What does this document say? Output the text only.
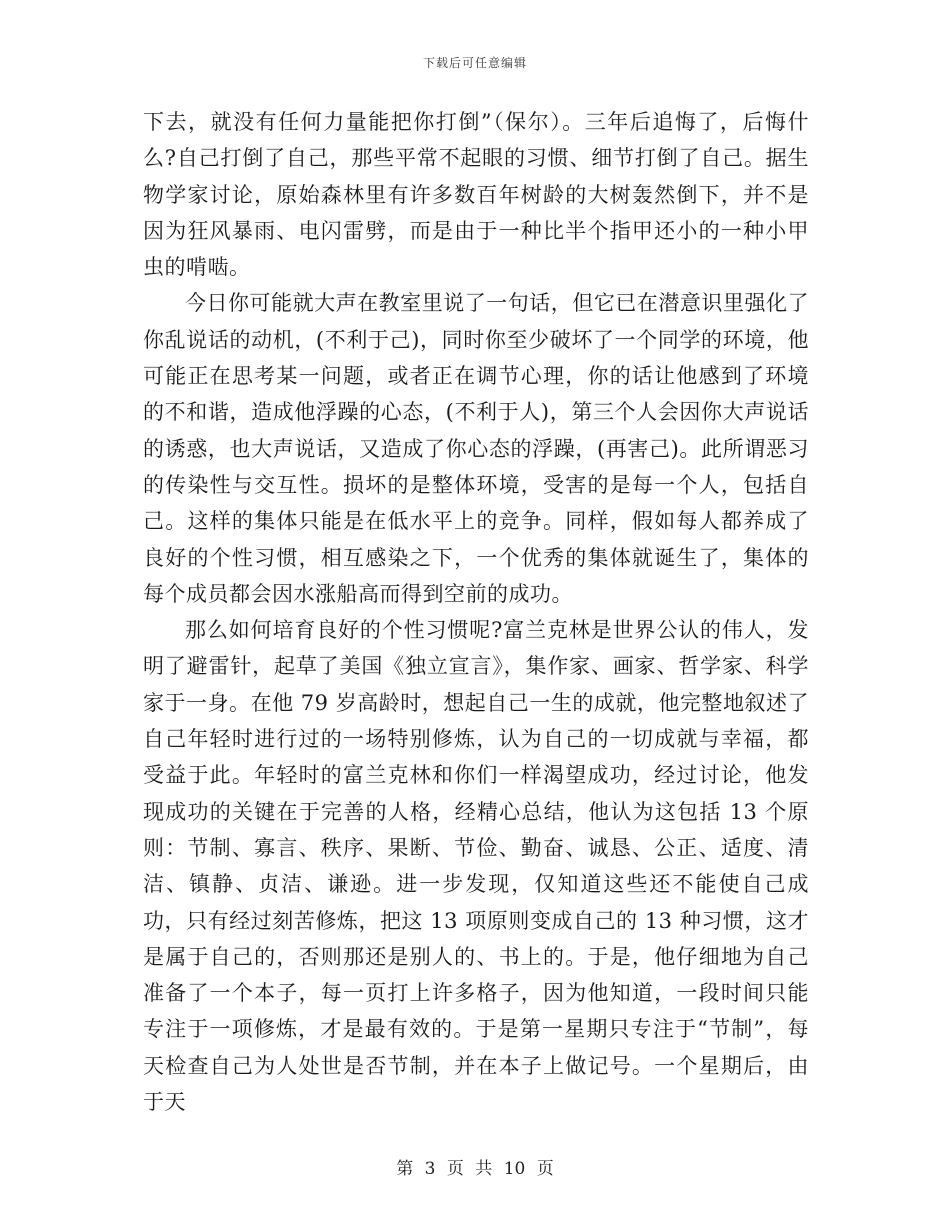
下载后可任意编辑

下去，就没有任何力量能把你打倒”（保尔）。三年后追悔了，后悔什么?自己打倒了自己，那些平常不起眼的习惯、细节打倒了自己。据生物学家讨论，原始森林里有许多数百年树龄的大树轰然倒下，并不是因为狂风暴雨、电闪雷劈，而是由于一种比半个指甲还小的一种小甲虫的啃啮。

今日你可能就大声在教室里说了一句话，但它已在潜意识里强化了你乱说话的动机，(不利于己)，同时你至少破坏了一个同学的环境，他可能正在思考某一问题，或者正在调节心理，你的话让他感到了环境的不和谐，造成他浮躁的心态，(不利于人)，第三个人会因你大声说话的诱惑，也大声说话，又造成了你心态的浮躁，(再害己)。此所谓恶习的传染性与交互性。损坏的是整体环境，受害的是每一个人，包括自己。这样的集体只能是在低水平上的竞争。同样，假如每人都养成了良好的个性习惯，相互感染之下，一个优秀的集体就诞生了，集体的每个成员都会因水涨船高而得到空前的成功。

那么如何培育良好的个性习惯呢?富兰克林是世界公认的伟人，发明了避雷针，起草了美国《独立宣言》，集作家、画家、哲学家、科学家于一身。在他 79 岁高龄时，想起自己一生的成就，他完整地叙述了自己年轻时进行过的一场特别修炼，认为自己的一切成就与幸福，都受益于此。年轻时的富兰克林和你们一样渴望成功，经过讨论，他发现成功的关键在于完善的人格，经精心总结，他认为这包括 13 个原则：节制、寡言、秩序、果断、节俭、勤奋、诚恳、公正、适度、清洁、镇静、贞洁、谦逊。进一步发现，仅知道这些还不能使自己成功，只有经过刻苦修炼，把这 13 项原则变成自己的 13 种习惯，这才是属于自己的，否则那还是别人的、书上的。于是，他仔细地为自己准备了一个本子，每一页打上许多格子，因为他知道，一段时间只能专注于一项修炼，才是最有效的。于是第一星期只专注于“节制”，每天检查自己为人处世是否节制，并在本子上做记号。一个星期后，由于天

第 3 页 共 10 页
